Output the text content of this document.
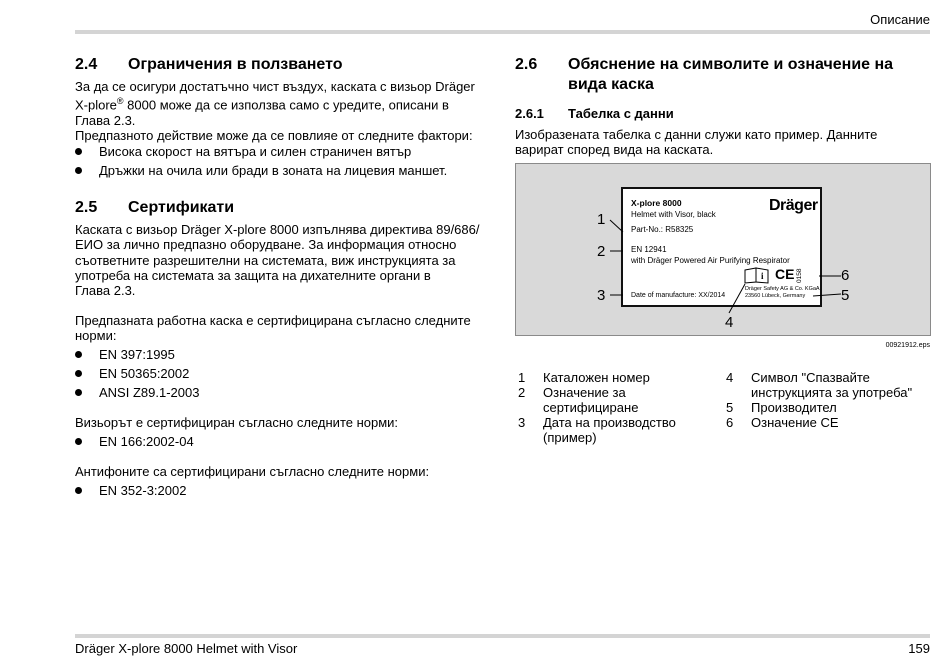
Описание
2.4 Ограничения в ползването
За да се осигури достатъчно чист въздух, каската с визьор Dräger
X-plore® 8000 може да се използва само с уредите, описани в
Глава 2.3.
Предпазното действие може да се повлияе от следните фактори:
Висока скорост на вятъра и силен страничен вятър
Дръжки на очила или бради в зоната на лицевия маншет.
2.5 Сертификати
Каската с визьор Dräger X-plore 8000 изпълнява директива 89/686/
ЕИО за лично предпазно оборудване. За информация относно
съответните разрешителни на системата, виж инструкцията за
употреба на системата за защита на дихателните органи в
Глава 2.3.
Предпазната работна каска е сертифицирана съгласно следните
норми:
EN 397:1995
EN 50365:2002
ANSI Z89.1-2003
Визьорът е сертифициран съгласно следните норми:
EN 166:2002-04
Антифоните са сертифицирани съгласно следните норми:
EN 352-3:2002
2.6 Обяснение на символите и означение на
вида каска
2.6.1 Табелка с данни
Изобразената табелка с данни служи като пример. Данните
варират според вида на каската.
X-plore 8000
Helmet with Visor, black
Part-No.: R58325
EN 12941
with Dräger Powered Air Purifying Respirator
Date of manufacture: XX/2014
Dräger
Dräger Safety AG & Co. KGaA
23560 Lübeck, Germany
i CE 0158
1
2
3
4
6
5
00921912.eps
1 Каталожен номер
2 Означение за
сертифициране
3 Дата на производство
(пример)
4 Символ "Спазвайте
инструкцията за употреба"
5 Производител
6 Означение CE
Dräger X-plore 8000 Helmet with Visor	159
